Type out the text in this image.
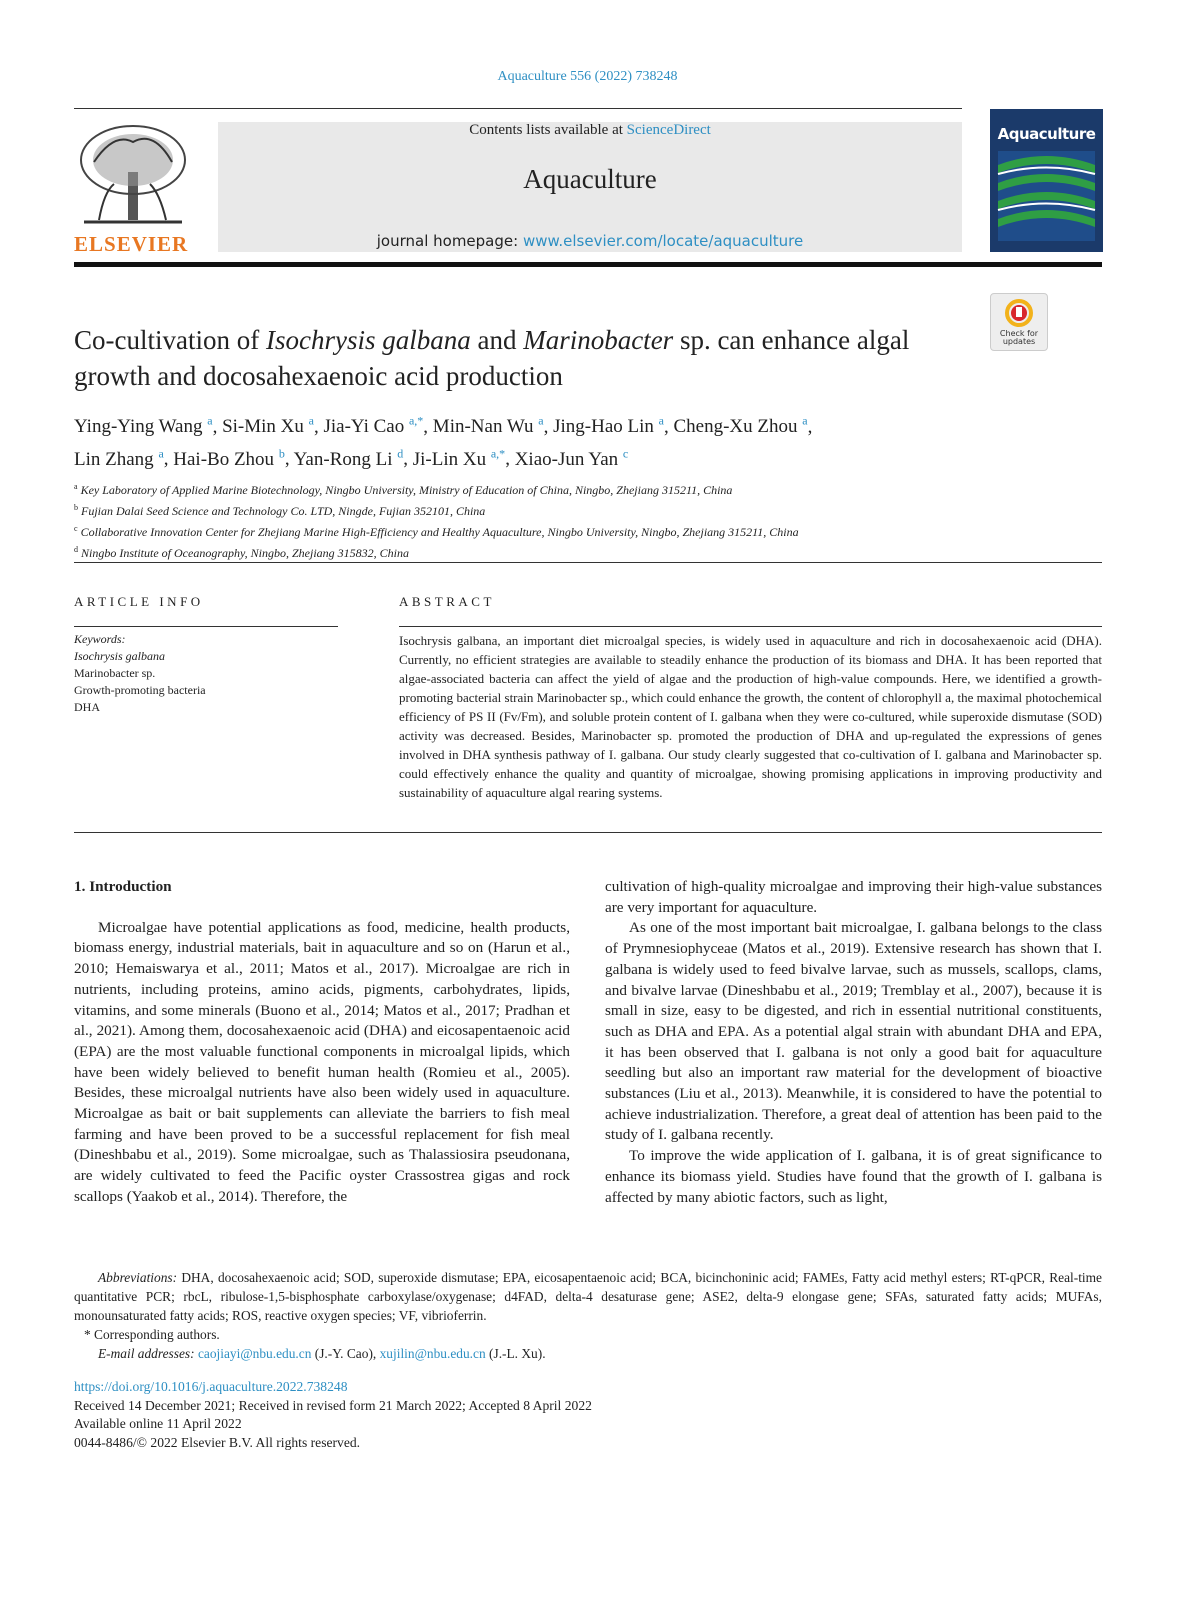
Aquaculture 556 (2022) 738248
ELSEVIER
Contents lists available at ScienceDirect
Aquaculture
journal homepage: www.elsevier.com/locate/aquaculture
Aquaculture
Check for updates
Co-cultivation of Isochrysis galbana and Marinobacter sp. can enhance algal growth and docosahexaenoic acid production
Ying-Ying Wang $^a$, Si-Min Xu $^a$, Jia-Yi Cao $^{a,*}$, Min-Nan Wu $^a$, Jing-Hao Lin $^a$, Cheng-Xu Zhou $^a$,
Lin Zhang $^a$, Hai-Bo Zhou $^b$, Yan-Rong Li $^d$, Ji-Lin Xu $^{a,*}$, Xiao-Jun Yan $^c$
$^a$ Key Laboratory of Applied Marine Biotechnology, Ningbo University, Ministry of Education of China, Ningbo, Zhejiang 315211, China
$^b$ Fujian Dalai Seed Science and Technology Co. LTD, Ningde, Fujian 352101, China
$^c$ Collaborative Innovation Center for Zhejiang Marine High-Efficiency and Healthy Aquaculture, Ningbo University, Ningbo, Zhejiang 315211, China
$^d$ Ningbo Institute of Oceanography, Ningbo, Zhejiang 315832, China
ARTICLE INFO	ABSTRACT
Keywords:
Isochrysis galbana
Marinobacter sp.
Growth-promoting bacteria
DHA
Isochrysis galbana, an important diet microalgal species, is widely used in aquaculture and rich in docosahexaenoic acid (DHA). Currently, no efficient strategies are available to steadily enhance the production of its biomass and DHA. It has been reported that algae-associated bacteria can affect the yield of algae and the production of high-value compounds. Here, we identified a growth-promoting bacterial strain Marinobacter sp., which could enhance the growth, the content of chlorophyll a, the maximal photochemical efficiency of PS II (Fv/Fm), and soluble protein content of I. galbana when they were co-cultured, while superoxide dismutase (SOD) activity was decreased. Besides, Marinobacter sp. promoted the production of DHA and up-regulated the expressions of genes involved in DHA synthesis pathway of I. galbana. Our study clearly suggested that co-cultivation of I. galbana and Marinobacter sp. could effectively enhance the quality and quantity of microalgae, showing promising applications in improving productivity and sustainability of aquaculture algal rearing systems.
1. Introduction

Microalgae have potential applications as food, medicine, health products, biomass energy, industrial materials, bait in aquaculture and so on (Harun et al., 2010; Hemaiswarya et al., 2011; Matos et al., 2017). Microalgae are rich in nutrients, including proteins, amino acids, pigments, carbohydrates, lipids, vitamins, and some minerals (Buono et al., 2014; Matos et al., 2017; Pradhan et al., 2021). Among them, docosahexaenoic acid (DHA) and eicosapentaenoic acid (EPA) are the most valuable functional components in microalgal lipids, which have been widely believed to benefit human health (Romieu et al., 2005). Besides, these microalgal nutrients have also been widely used in aquaculture. Microalgae as bait or bait supplements can alleviate the barriers to fish meal farming and have been proved to be a successful replacement for fish meal (Dineshbabu et al., 2019). Some microalgae, such as Thalassiosira pseudonana, are widely cultivated to feed the Pacific oyster Crassostrea gigas and rock scallops (Yaakob et al., 2014). Therefore, the

cultivation of high-quality microalgae and improving their high-value substances are very important for aquaculture.

As one of the most important bait microalgae, I. galbana belongs to the class of Prymnesiophyceae (Matos et al., 2019). Extensive research has shown that I. galbana is widely used to feed bivalve larvae, such as mussels, scallops, clams, and bivalve larvae (Dineshbabu et al., 2019; Tremblay et al., 2007), because it is small in size, easy to be digested, and rich in essential nutritional constituents, such as DHA and EPA. As a potential algal strain with abundant DHA and EPA, it has been observed that I. galbana is not only a good bait for aquaculture seedling but also an important raw material for the development of bioactive substances (Liu et al., 2013). Meanwhile, it is considered to have the potential to achieve industrialization. Therefore, a great deal of attention has been paid to the study of I. galbana recently.

To improve the wide application of I. galbana, it is of great significance to enhance its biomass yield. Studies have found that the growth of I. galbana is affected by many abiotic factors, such as light,

Abbreviations: DHA, docosahexaenoic acid; SOD, superoxide dismutase; EPA, eicosapentaenoic acid; BCA, bicinchoninic acid; FAMEs, Fatty acid methyl esters; RT-qPCR, Real-time quantitative PCR; rbcL, ribulose-1,5-bisphosphate carboxylase/oxygenase; d4FAD, delta-4 desaturase gene; ASE2, delta-9 elongase gene; SFAs, saturated fatty acids; MUFAs, monounsaturated fatty acids; ROS, reactive oxygen species; VF, vibrioferrin.

* Corresponding authors.

E-mail addresses: caojiayi@nbu.edu.cn (J.-Y. Cao), xujilin@nbu.edu.cn (J.-L. Xu).

https://doi.org/10.1016/j.aquaculture.2022.738248
Received 14 December 2021; Received in revised form 21 March 2022; Accepted 8 April 2022
Available online 11 April 2022
0044-8486/© 2022 Elsevier B.V. All rights reserved.
